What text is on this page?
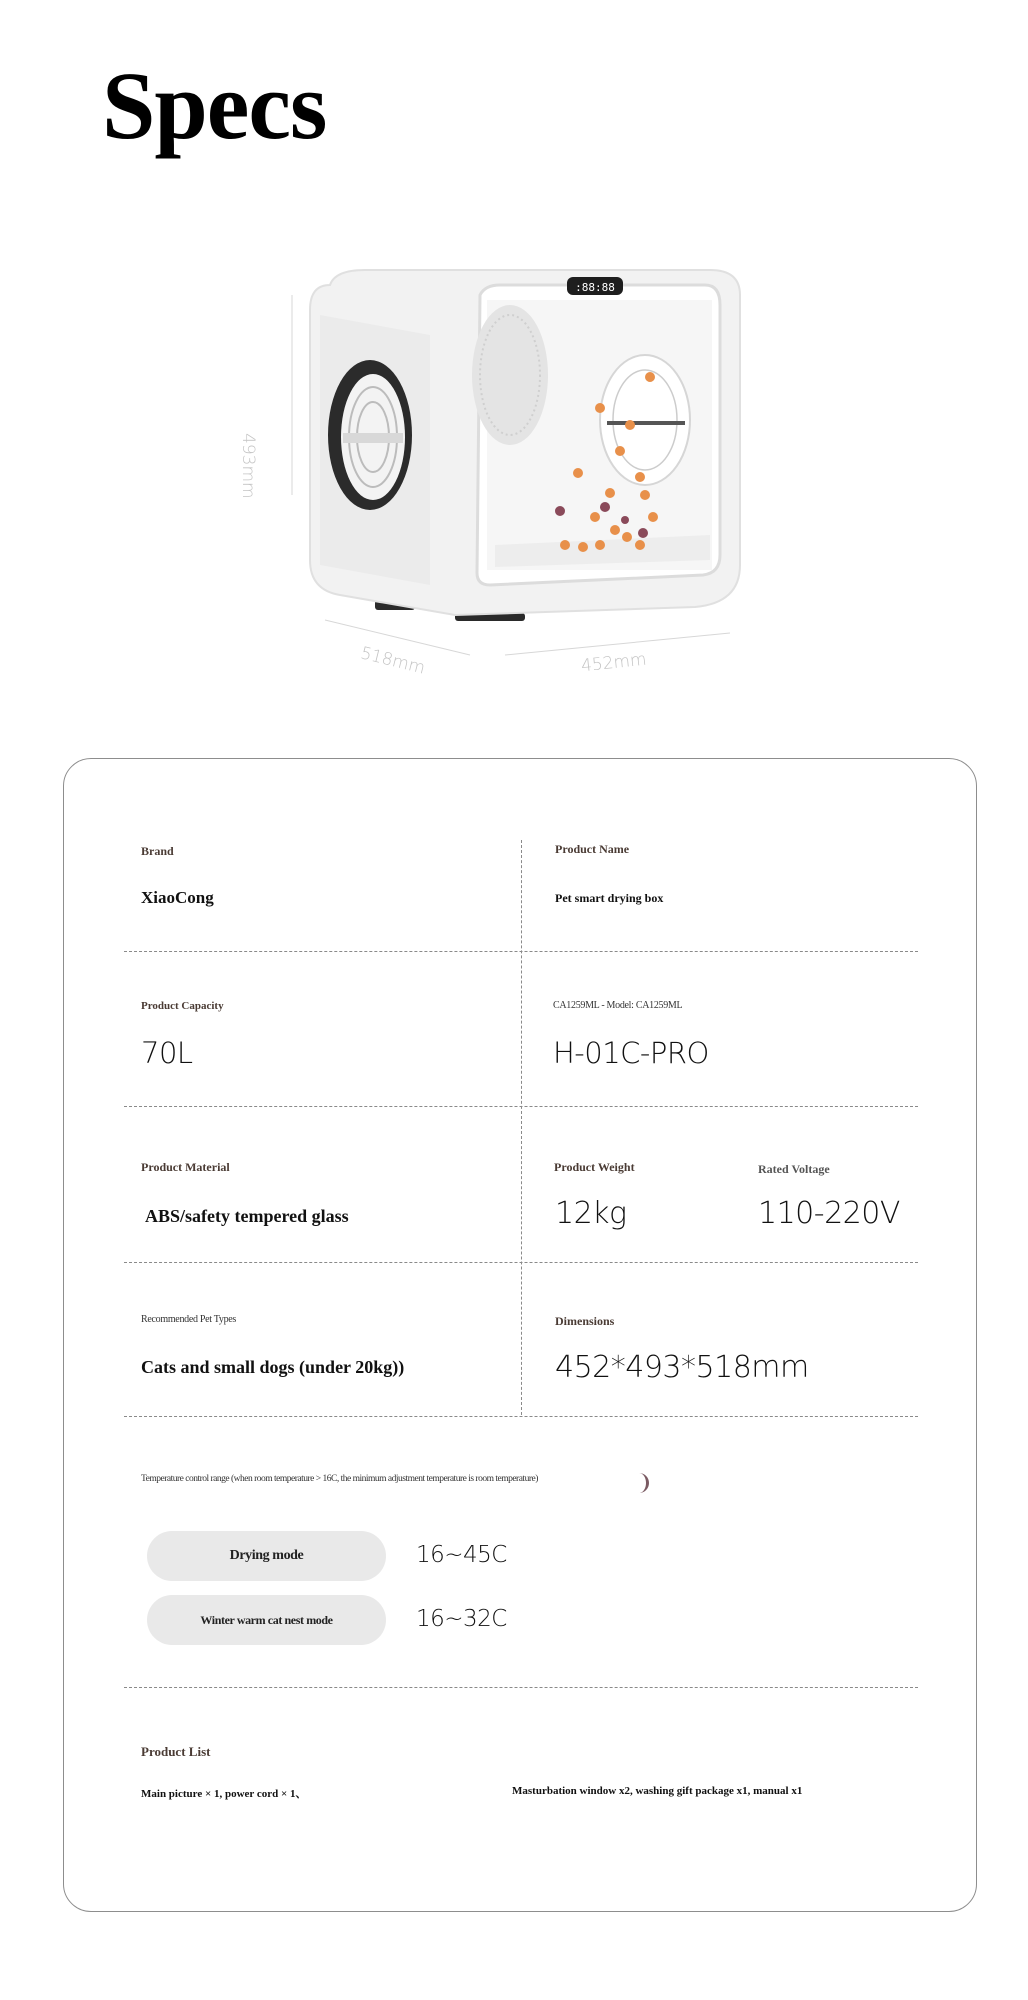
Specs
:88:88
493mm
518mm	452mm
Brand
XiaoCong
Product Name
Pet smart drying box
Product Capacity
70L
CA1259ML - Model: CA1259ML
H-01C-PRO
Product Material
ABS/safety tempered glass
Product Weight
12kg
Rated Voltage
110-220V
Recommended Pet Types
Cats and small dogs (under 20kg))
Dimensions
452*493*518mm
Temperature control range (when room temperature > 16C, the minimum adjustment temperature is room temperature)
Drying mode	16~45C
Winter warm cat nest mode	16~32C
Product List
Main picture × 1, power cord × 1、	Masturbation window x2, washing gift package x1, manual x1
